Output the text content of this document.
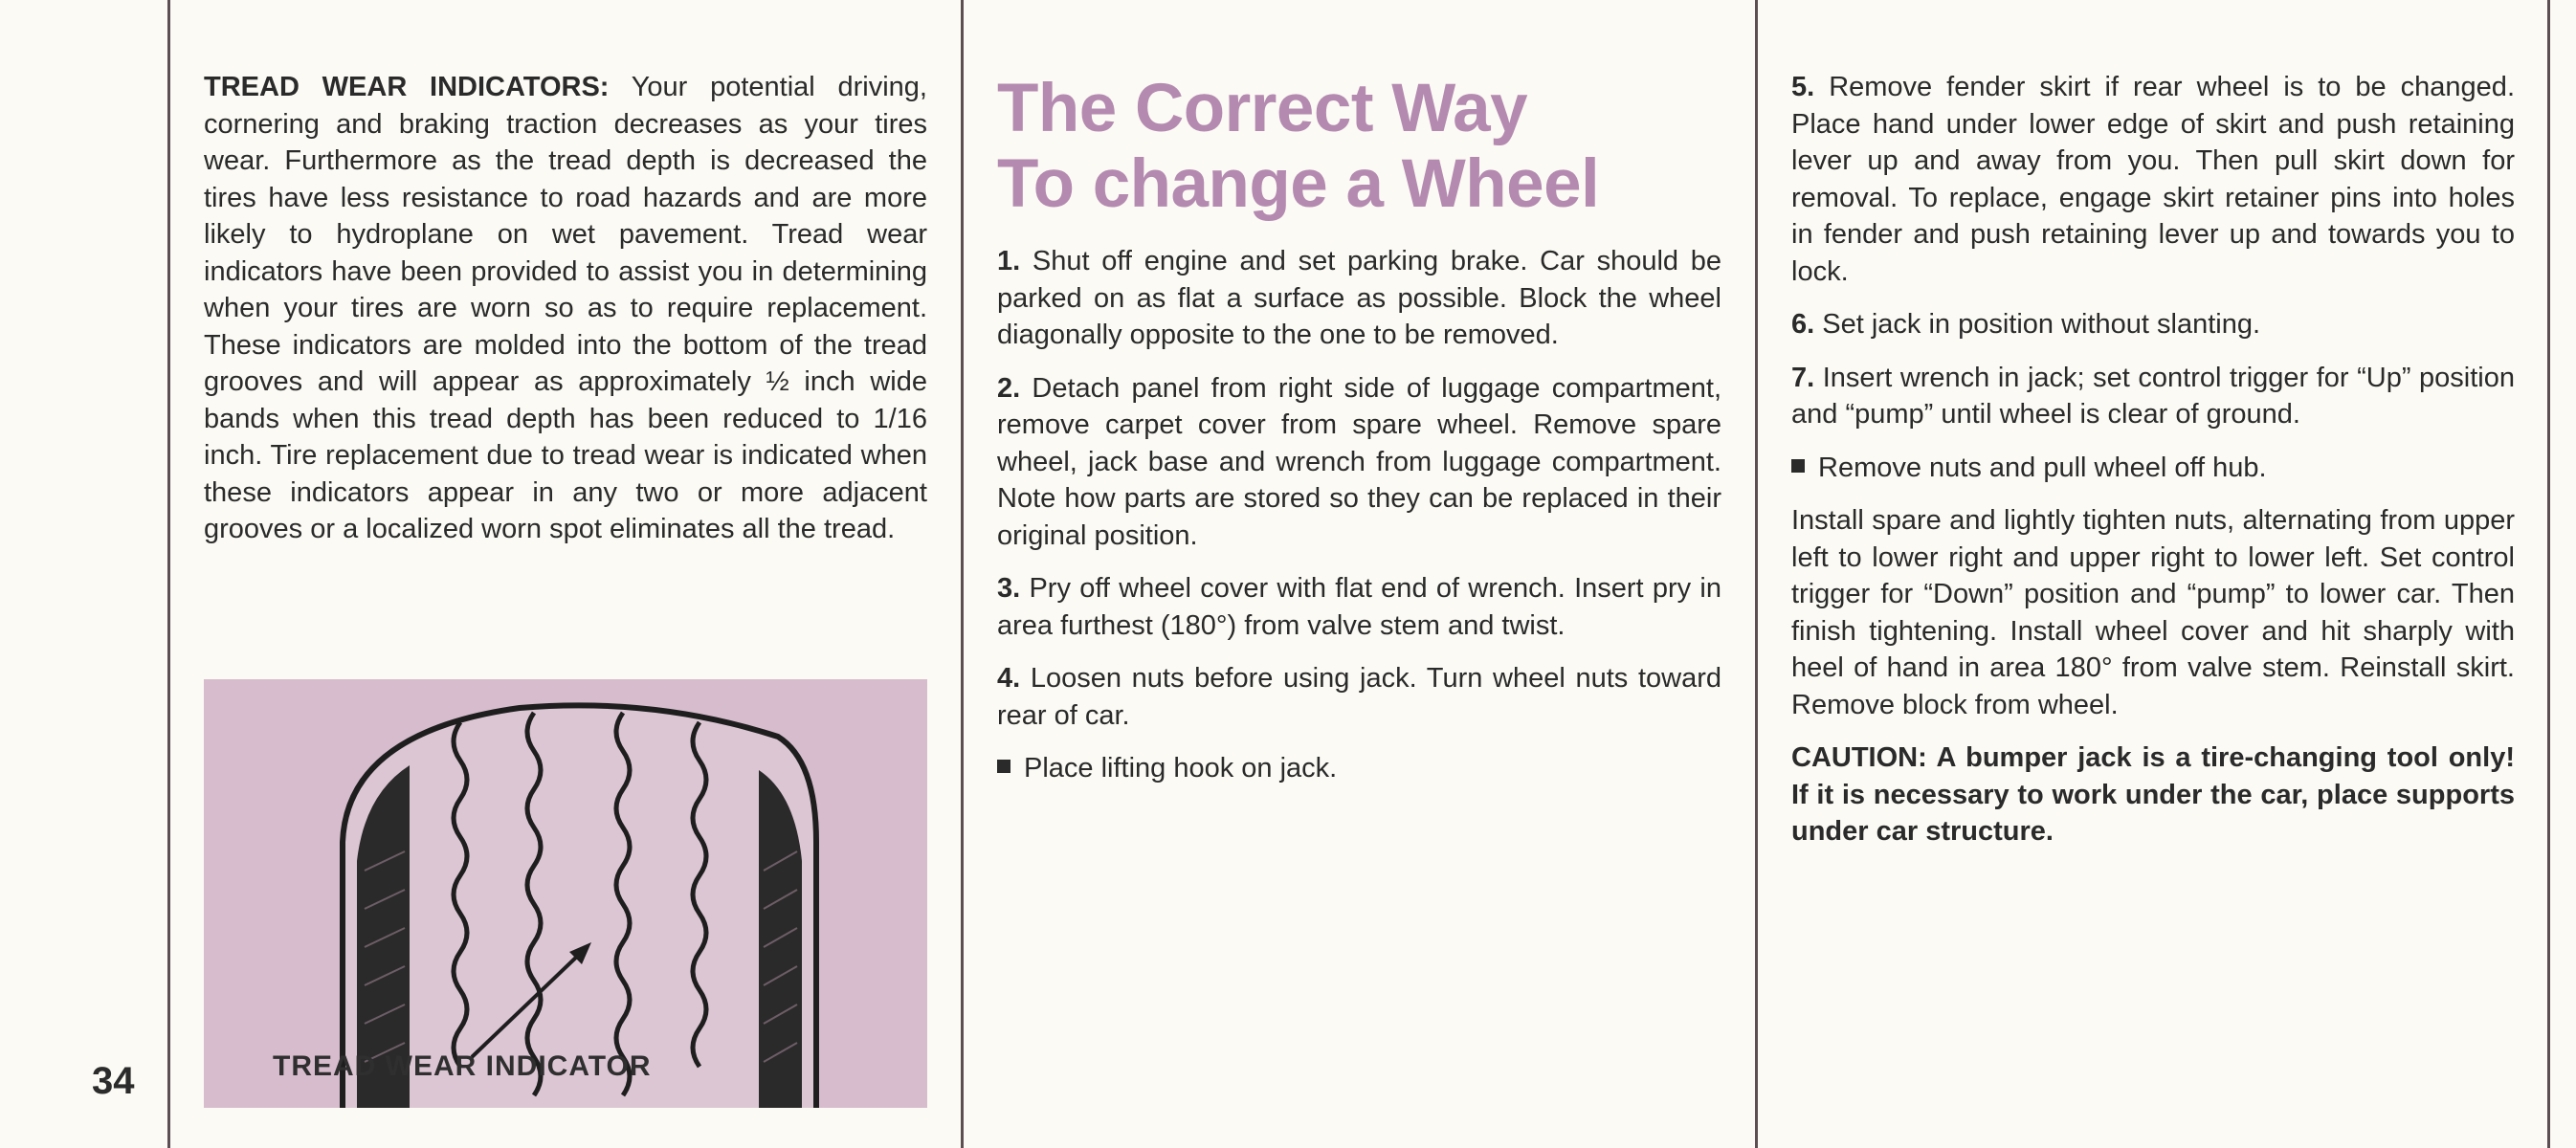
34

TREAD WEAR INDICATORS: Your potential driving, cornering and braking traction decreases as your tires wear. Furthermore as the tread depth is decreased the tires have less resistance to road hazards and are more likely to hydroplane on wet pavement. Tread wear indicators have been provided to assist you in determining when your tires are worn so as to require replacement. These indicators are molded into the bottom of the tread grooves and will appear as approximately ½ inch wide bands when this tread depth has been reduced to 1/16 inch. Tire replacement due to tread wear is indicated when these indicators appear in any two or more adjacent grooves or a localized worn spot eliminates all the tread.

TREAD WEAR INDICATOR
The Correct Way
To change a Wheel

1. Shut off engine and set parking brake. Car should be parked on as flat a surface as possible. Block the wheel diagonally opposite to the one to be removed.

2. Detach panel from right side of luggage compartment, remove carpet cover from spare wheel. Remove spare wheel, jack base and wrench from luggage compartment. Note how parts are stored so they can be replaced in their original position.

3. Pry off wheel cover with flat end of wrench. Insert pry in area furthest (180°) from valve stem and twist.

4. Loosen nuts before using jack. Turn wheel nuts toward rear of car.

Place lifting hook on jack.

5. Remove fender skirt if rear wheel is to be changed. Place hand under lower edge of skirt and push retaining lever up and away from you. Then pull skirt down for removal. To replace, engage skirt retainer pins into holes in fender and push retaining lever up and towards you to lock.

6. Set jack in position without slanting.

7. Insert wrench in jack; set control trigger for “Up” position and “pump” until wheel is clear of ground.

Remove nuts and pull wheel off hub.

Install spare and lightly tighten nuts, alternating from upper left to lower right and upper right to lower left. Set control trigger for “Down” position and “pump” to lower car. Then finish tightening. Install wheel cover and hit sharply with heel of hand in area 180° from valve stem. Reinstall skirt. Remove block from wheel.

CAUTION: A bumper jack is a tire-changing tool only! If it is necessary to work under the car, place supports under car structure.
